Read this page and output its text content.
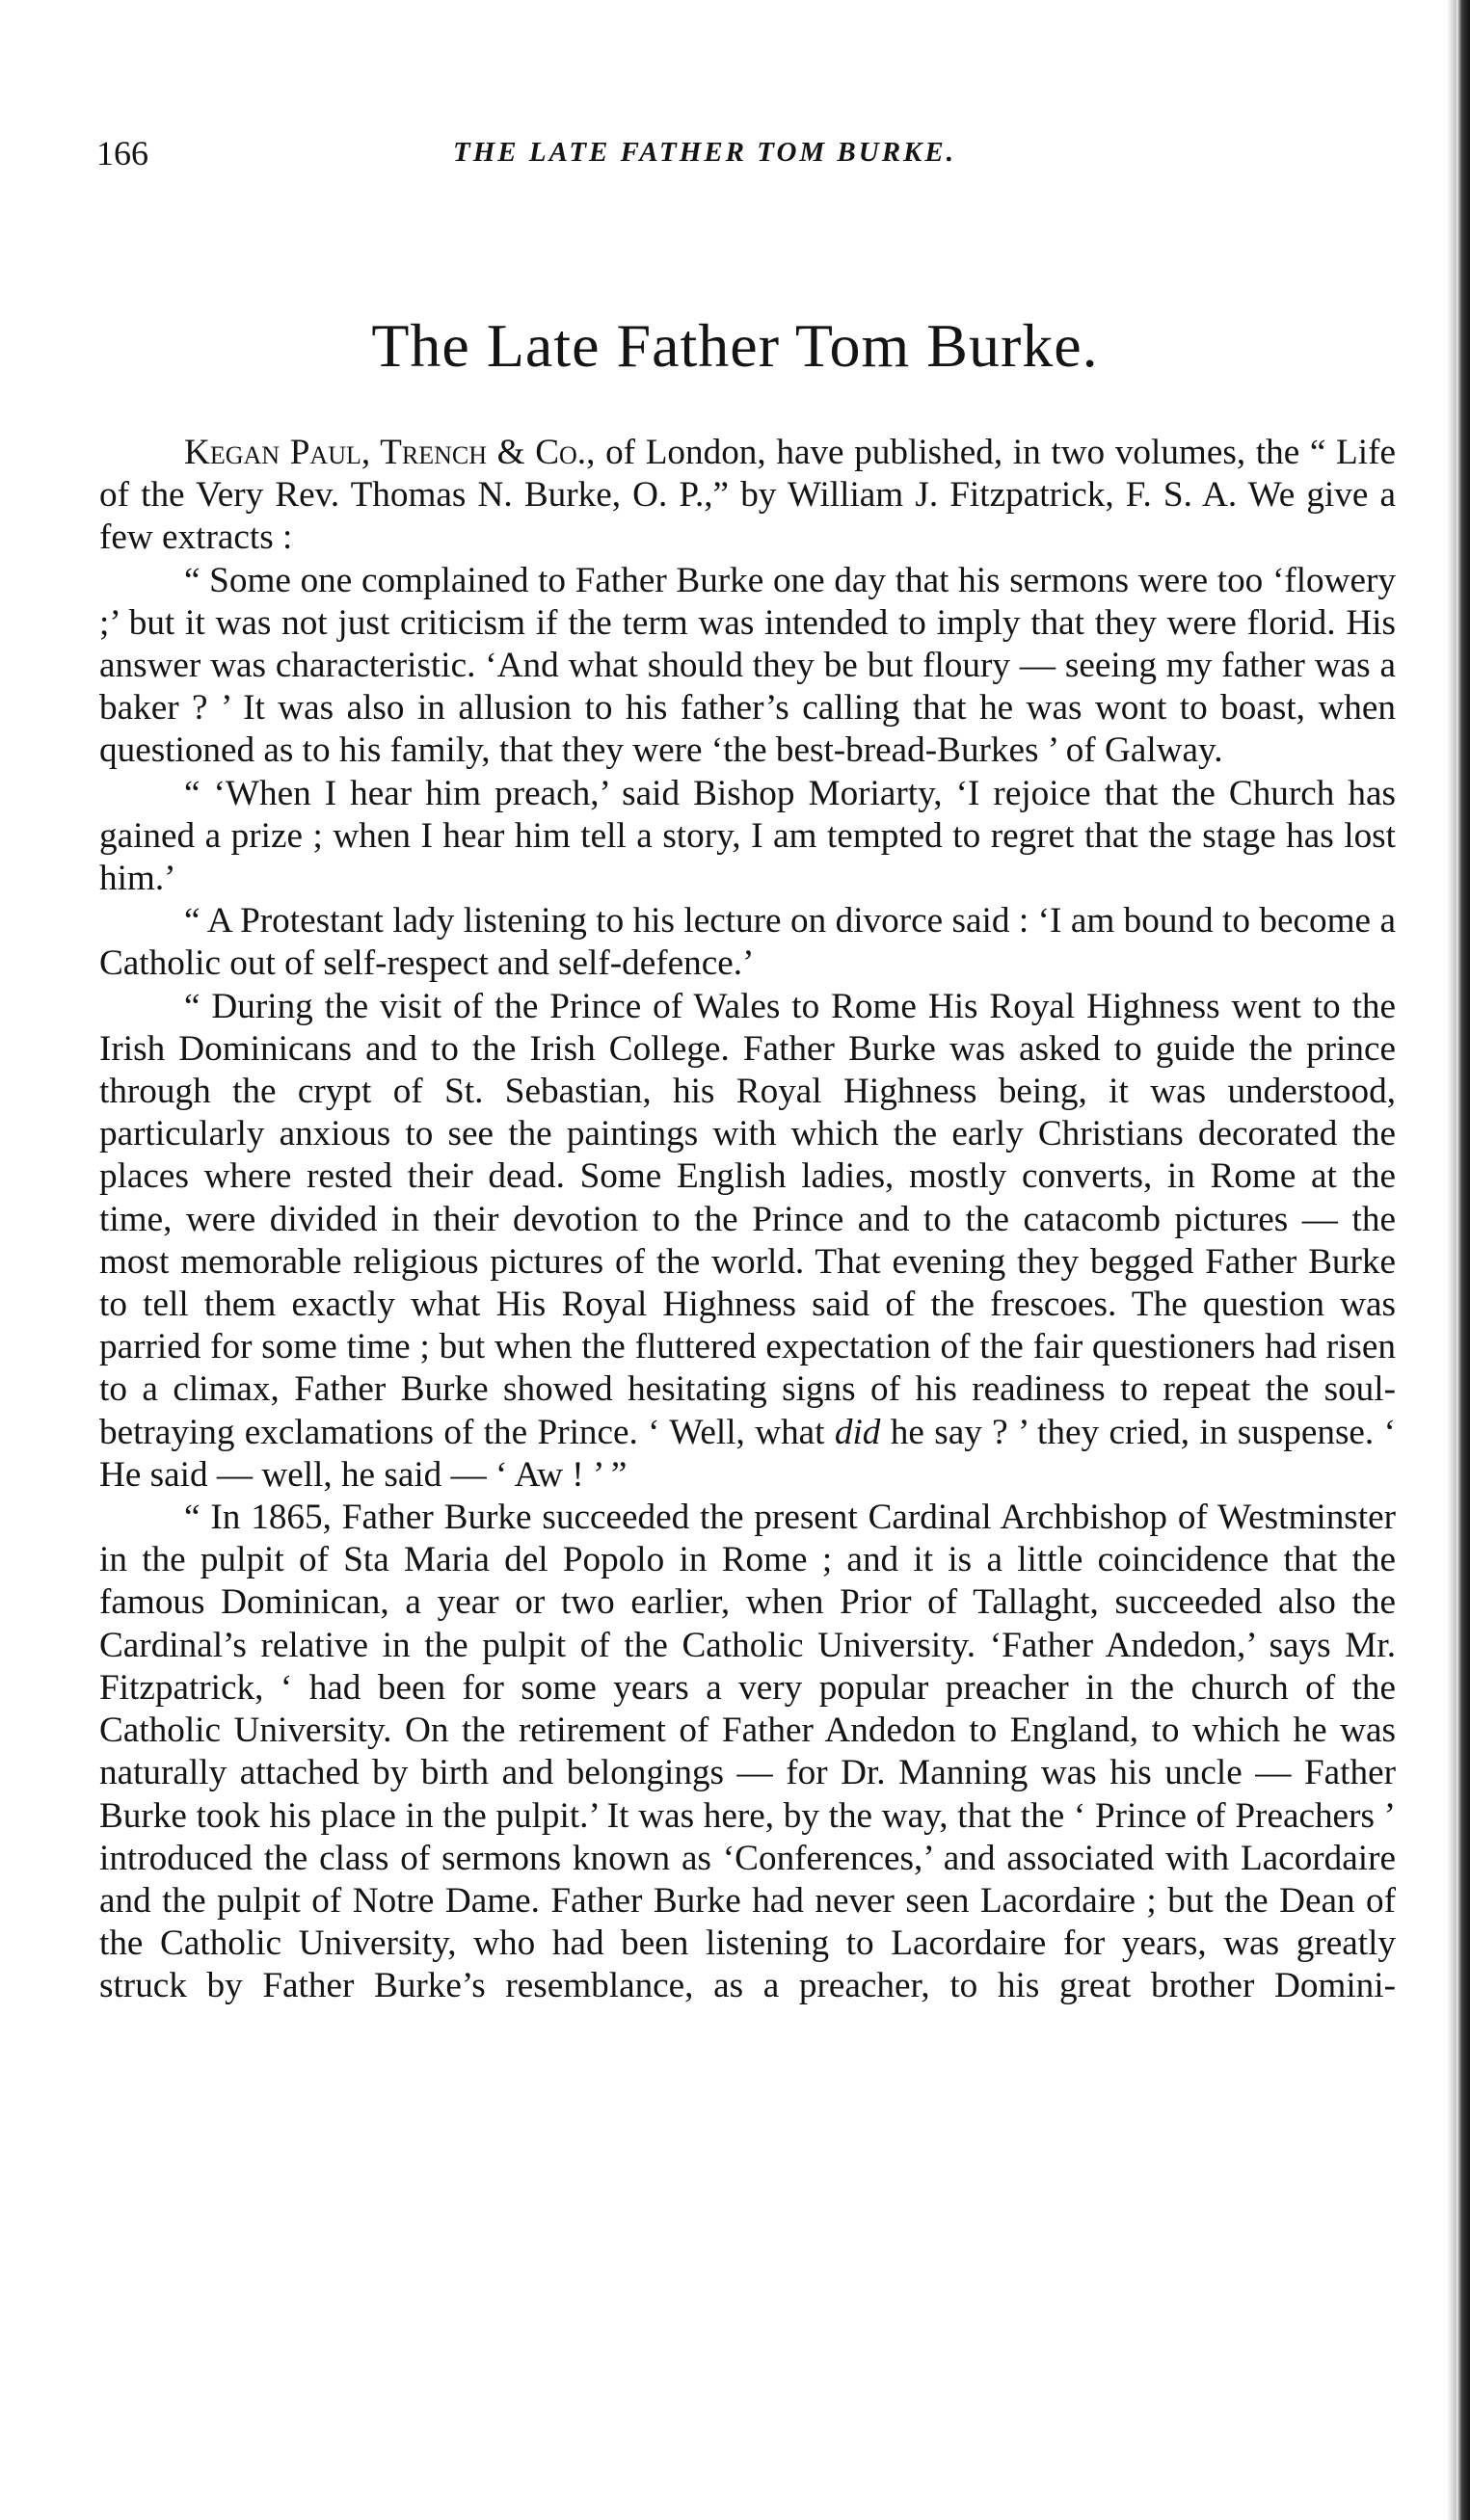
166	THE LATE FATHER TOM BURKE.
The Late Father Tom Burke.

Kegan Paul, Trench & Co., of London, have published, in two volumes, the “ Life of the Very Rev. Thomas N. Burke, O. P.,” by William J. Fitzpatrick, F. S. A. We give a few extracts :

“ Some one complained to Father Burke one day that his sermons were too ‘flowery ;’ but it was not just criticism if the term was intended to imply that they were florid. His answer was characteristic. ‘And what should they be but floury — seeing my father was a baker ? ’ It was also in allusion to his father’s calling that he was wont to boast, when questioned as to his family, that they were ‘the best-bread-Burkes ’ of Galway.

“ ‘When I hear him preach,’ said Bishop Moriarty, ‘I rejoice that the Church has gained a prize ; when I hear him tell a story, I am tempted to regret that the stage has lost him.’

“ A Protestant lady listening to his lecture on divorce said : ‘I am bound to become a Catholic out of self-respect and self-defence.’

“ During the visit of the Prince of Wales to Rome His Royal Highness went to the Irish Dominicans and to the Irish College. Father Burke was asked to guide the prince through the crypt of St. Sebastian, his Royal Highness being, it was understood, particularly anxious to see the paintings with which the early Christians decorated the places where rested their dead. Some English ladies, mostly converts, in Rome at the time, were divided in their devotion to the Prince and to the catacomb pictures — the most memorable religious pictures of the world. That evening they begged Father Burke to tell them exactly what His Royal Highness said of the frescoes. The question was parried for some time ; but when the fluttered expectation of the fair questioners had risen to a climax, Father Burke showed hesitating signs of his readiness to repeat the soul-betraying exclamations of the Prince. ‘ Well, what did he say ? ’ they cried, in suspense. ‘ He said — well, he said — ‘ Aw ! ’ ”

“ In 1865, Father Burke succeeded the present Cardinal Archbishop of Westminster in the pulpit of Sta Maria del Popolo in Rome ; and it is a little coincidence that the famous Dominican, a year or two earlier, when Prior of Tallaght, succeeded also the Cardinal’s relative in the pulpit of the Catholic University. ‘Father Andedon,’ says Mr. Fitzpatrick, ‘ had been for some years a very popular preacher in the church of the Catholic University. On the retirement of Father Andedon to England, to which he was naturally attached by birth and belongings — for Dr. Manning was his uncle — Father Burke took his place in the pulpit.’ It was here, by the way, that the ‘ Prince of Preachers ’ introduced the class of sermons known as ‘Conferences,’ and associated with Lacordaire and the pulpit of Notre Dame. Father Burke had never seen Lacordaire ; but the Dean of the Catholic University, who had been listening to Lacordaire for years, was greatly struck by Father Burke’s resemblance, as a preacher, to his great brother Domini-
